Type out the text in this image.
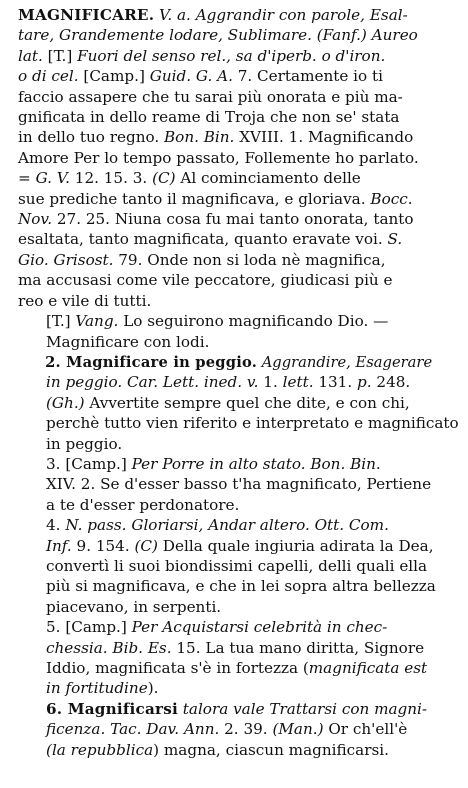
MAGNIFICARE. V. a. Aggrandir con parole, Esal-
tare, Grandemente lodare, Sublimare. (Fanf.) Aureo
lat. [T.] Fuori del senso rel., sa d'iperb. o d'iron.
o di cel. [Camp.] Guid. G. A. 7. Certamente io ti
faccio assapere che tu sarai più onorata e più ma-
gnificata in dello reame di Troja che non se' stata
in dello tuo regno. Bon. Bin. XVIII. 1. Magnificando
Amore Per lo tempo passato, Follemente ho parlato.
= G. V. 12. 15. 3. (C) Al cominciamento delle
sue prediche tanto il magnificava, e gloriava. Bocc.
Nov. 27. 25. Niuna cosa fu mai tanto onorata, tanto
esaltata, tanto magnificata, quanto eravate voi. S.
Gio. Grisost. 79. Onde non si loda nè magnifica,
ma accusasi come vile peccatore, giudicasi più e
reo e vile di tutti.
[T.] Vang. Lo seguirono magnificando Dio. —
Magnificare con lodi.
2. Magnificare in peggio. Aggrandire, Esagerare
in peggio. Car. Lett. ined. v. 1. lett. 131. p. 248.
(Gh.) Avvertite sempre quel che dite, e con chi,
perchè tutto vien riferito e interpretato e magnificato
in peggio.
3. [Camp.] Per Porre in alto stato. Bon. Bin.
XIV. 2. Se d'esser basso t'ha magnificato, Pertiene
a te d'esser perdonatore.
4. N. pass. Gloriarsi, Andar altero. Ott. Com.
Inf. 9. 154. (C) Della quale ingiuria adirata la Dea,
convertì li suoi biondissimi capelli, delli quali ella
più si magnificava, e che in lei sopra altra bellezza
piacevano, in serpenti.
5. [Camp.] Per Acquistarsi celebrità in chec-
chessia. Bib. Es. 15. La tua mano diritta, Signore
Iddio, magnificata s'è in fortezza (magnificata est
in fortitudine).
6. Magnificarsi talora vale Trattarsi con magni-
ficenza. Tac. Dav. Ann. 2. 39. (Man.) Or ch'ell'è
(la repubblica) magna, ciascun magnificarsi.
